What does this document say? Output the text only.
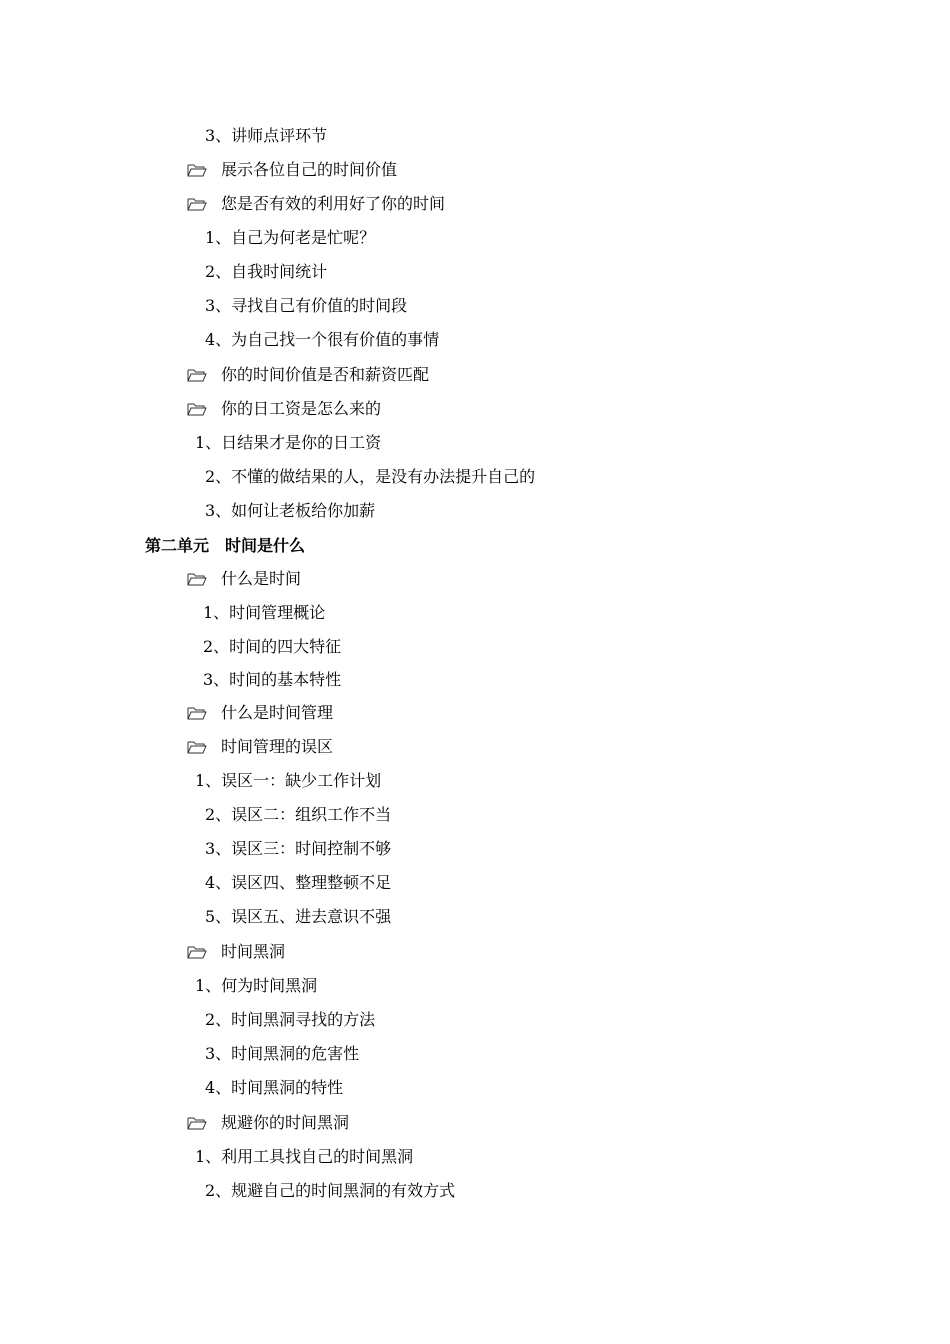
3、讲师点评环节
展示各位自己的时间价值
您是否有效的利用好了你的时间
1、自己为何老是忙呢？
2、自我时间统计
3、寻找自己有价值的时间段
4、为自己找一个很有价值的事情
你的时间价值是否和薪资匹配
你的日工资是怎么来的
1、日结果才是你的日工资
2、不懂的做结果的人，是没有办法提升自己的
3、如何让老板给你加薪
第二单元　时间是什么
什么是时间
1、时间管理概论
2、时间的四大特征
3、时间的基本特性
什么是时间管理
时间管理的误区
1、误区一：缺少工作计划
2、误区二：组织工作不当
3、误区三：时间控制不够
4、误区四、整理整顿不足
5、误区五、进去意识不强
时间黑洞
1、何为时间黑洞
2、时间黑洞寻找的方法
3、时间黑洞的危害性
4、时间黑洞的特性
规避你的时间黑洞
1、利用工具找自己的时间黑洞
2、规避自己的时间黑洞的有效方式
